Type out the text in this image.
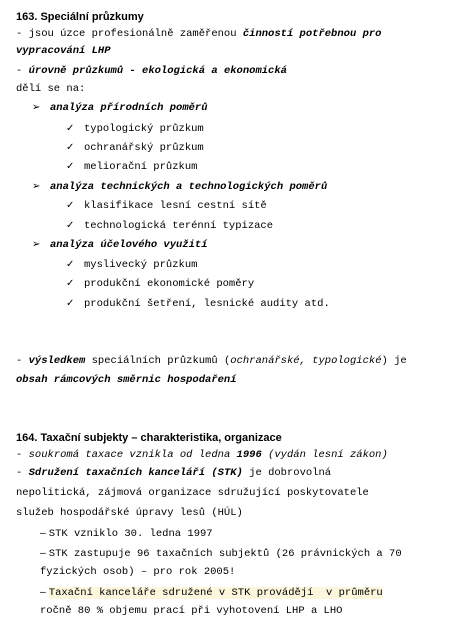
163. Speciální průzkumy
- jsou úzce profesionálně zaměřenou činností potřebnou pro
vypracování LHP
- úrovně průzkumů - ekologická a ekonomická
dělí se na:
➢ analýza přírodních poměrů
✓ typologický průzkum
✓ ochranářský průzkum
✓ meliorační průzkum
➢ analýza technických a technologických poměrů
✓ klasifikace lesní cestní sítě
✓ technologická terénní typizace
➢ analýza účelového využití
✓ myslivecký průzkum
✓ produkční ekonomické poměry
✓ produkční šetření, lesnické audity atd.
- výsledkem speciálních průzkumů (ochranářské, typologické) je
obsah rámcových směrnic hospodaření
164. Taxační subjekty – charakteristika, organizace
- soukromá taxace vznikla od ledna 1996 (vydán lesní zákon)
- Sdružení taxačních kanceláří (STK) je dobrovolná
nepolitická, zájmová organizace sdružující poskytovatele
služeb hospodářské úpravy lesů (HÚL)
– STK vzniklo 30. ledna 1997
– STK zastupuje 96 taxačních subjektů (26 právnických a 70
fyzických osob) – pro rok 2005!
– Taxační kanceláře sdružené v STK provádějí  v průměru
ročně 80 % objemu prací při vyhotovení LHP a LHO
